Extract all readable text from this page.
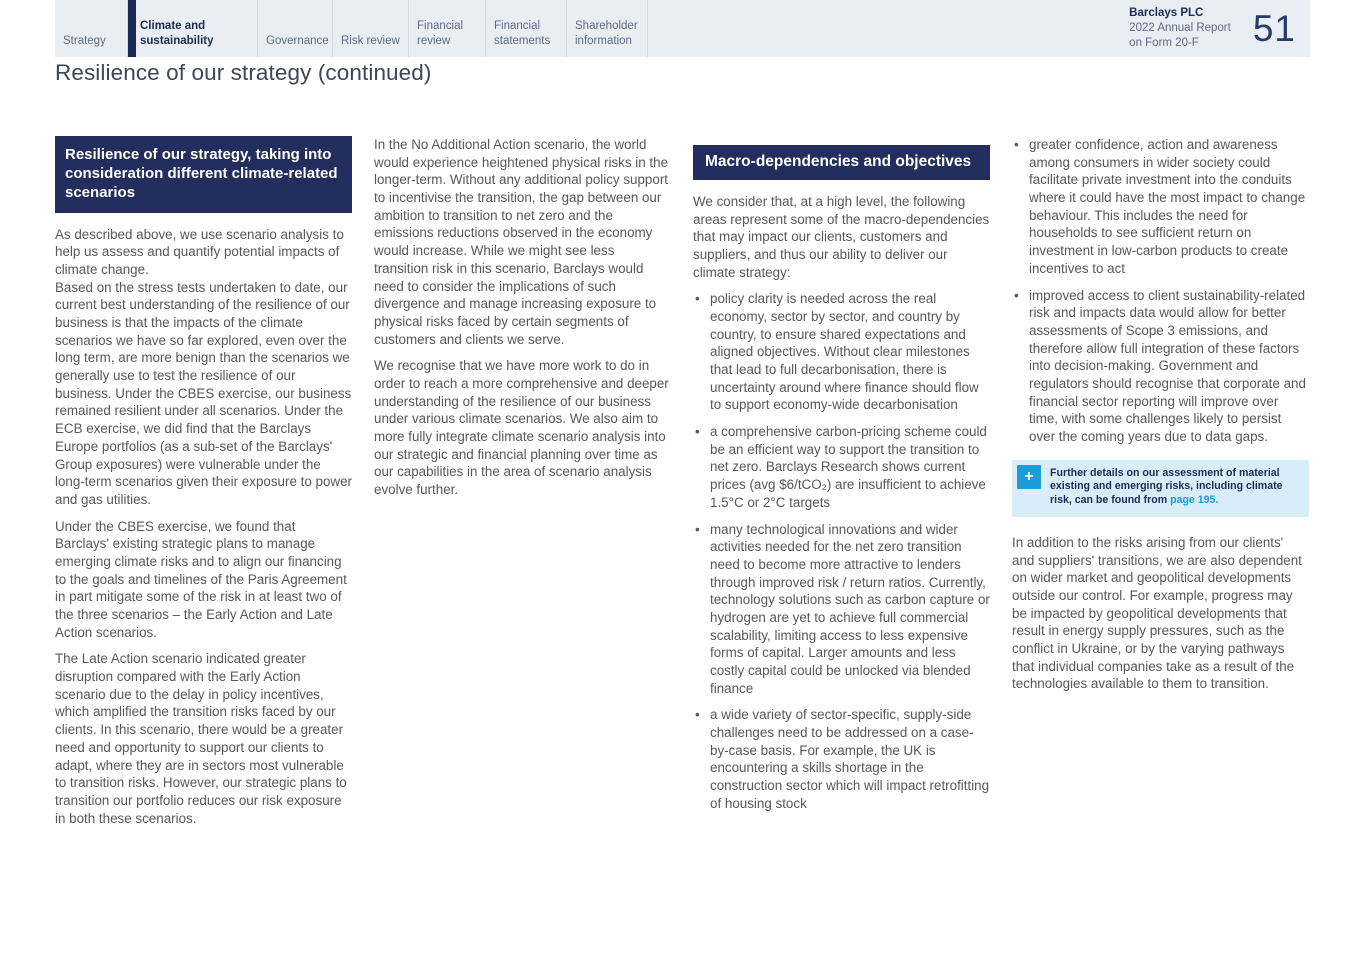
Strategy
Climate and sustainability	Governance Risk review
Financial review
Financial statements
Shareholder information
Barclays PLC
2022 Annual Report
on Form 20-F	51
Resilience of our strategy (continued)
Resilience of our strategy, taking into consideration different climate-related scenarios

As described above, we use scenario analysis to help us assess and quantify potential impacts of climate change.

Based on the stress tests undertaken to date, our current best understanding of the resilience of our business is that the impacts of the climate scenarios we have so far explored, even over the long term, are more benign than the scenarios we generally use to test the resilience of our business. Under the CBES exercise, our business remained resilient under all scenarios. Under the ECB exercise, we did find that the Barclays Europe portfolios (as a sub-set of the Barclays' Group exposures) were vulnerable under the long-term scenarios given their exposure to power and gas utilities.

Under the CBES exercise, we found that Barclays' existing strategic plans to manage emerging climate risks and to align our financing to the goals and timelines of the Paris Agreement in part mitigate some of the risk in at least two of the three scenarios – the Early Action and Late Action scenarios.

The Late Action scenario indicated greater disruption compared with the Early Action scenario due to the delay in policy incentives, which amplified the transition risks faced by our clients. In this scenario, there would be a greater need and opportunity to support our clients to adapt, where they are in sectors most vulnerable to transition risks. However, our strategic plans to transition our portfolio reduces our risk exposure in both these scenarios.

In the No Additional Action scenario, the world would experience heightened physical risks in the longer-term. Without any additional policy support to incentivise the transition, the gap between our ambition to transition to net zero and the emissions reductions observed in the economy would increase. While we might see less transition risk in this scenario, Barclays would need to consider the implications of such divergence and manage increasing exposure to physical risks faced by certain segments of customers and clients we serve.

We recognise that we have more work to do in order to reach a more comprehensive and deeper understanding of the resilience of our business under various climate scenarios. We also aim to more fully integrate climate scenario analysis into our strategic and financial planning over time as our capabilities in the area of scenario analysis evolve further.

Macro-dependencies and objectives

We consider that, at a high level, the following areas represent some of the macro-dependencies that may impact our clients, customers and suppliers, and thus our ability to deliver our climate strategy:

• policy clarity is needed across the real economy, sector by sector, and country by country, to ensure shared expectations and aligned objectives. Without clear milestones that lead to full decarbonisation, there is uncertainty around where finance should flow to support economy-wide decarbonisation
• a comprehensive carbon-pricing scheme could be an efficient way to support the transition to net zero. Barclays Research shows current prices (avg $6/tCO₂) are insufficient to achieve 1.5°C or 2°C targets
• many technological innovations and wider activities needed for the net zero transition need to become more attractive to lenders through improved risk / return ratios. Currently, technology solutions such as carbon capture or hydrogen are yet to achieve full commercial scalability, limiting access to less expensive forms of capital. Larger amounts and less costly capital could be unlocked via blended finance
• a wide variety of sector-specific, supply-side challenges need to be addressed on a case-by-case basis. For example, the UK is encountering a skills shortage in the construction sector which will impact retrofitting of housing stock
• greater confidence, action and awareness among consumers in wider society could facilitate private investment into the conduits where it could have the most impact to change behaviour. This includes the need for households to see sufficient return on investment in low-carbon products to create incentives to act
• improved access to client sustainability-related risk and impacts data would allow for better assessments of Scope 3 emissions, and therefore allow full integration of these factors into decision-making. Government and regulators should recognise that corporate and financial sector reporting will improve over time, with some challenges likely to persist over the coming years due to data gaps.
+	Further details on our assessment of material existing and emerging risks, including climate risk, can be found from page 195.

In addition to the risks arising from our clients' and suppliers' transitions, we are also dependent on wider market and geopolitical developments outside our control. For example, progress may be impacted by geopolitical developments that result in energy supply pressures, such as the conflict in Ukraine, or by the varying pathways that individual companies take as a result of the technologies available to them to transition.
